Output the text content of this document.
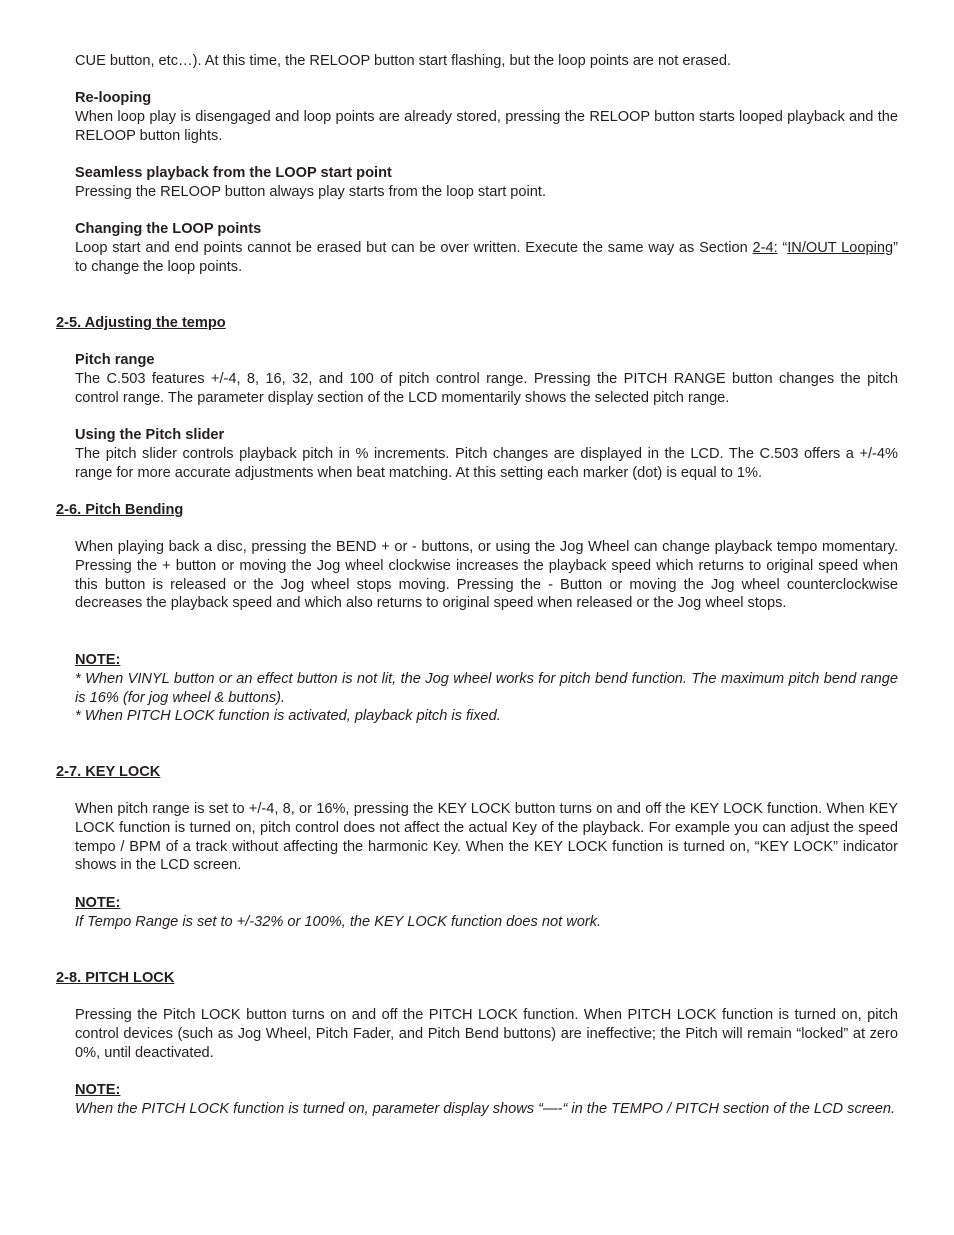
CUE button, etc…). At this time, the RELOOP button start flashing, but the loop points are not erased.

Re-looping

When loop play is disengaged and loop points are already stored, pressing the RELOOP button starts looped playback and the RELOOP button lights.

Seamless playback from the LOOP start point

Pressing the RELOOP button always play starts from the loop start point.

Changing the LOOP points

Loop start and end points cannot be erased but can be over written. Execute the same way as Section 2-4: “IN/OUT Looping” to change the loop points.

2-5. Adjusting the tempo
Pitch range

The C.503 features +/-4, 8, 16, 32, and 100 of pitch control range. Pressing the PITCH RANGE button changes the pitch control range. The parameter display section of the LCD momentarily shows the selected pitch range.

Using the Pitch slider

The pitch slider controls playback pitch in % increments. Pitch changes are displayed in the LCD. The C.503 offers a +/-4% range for more accurate adjustments when beat matching. At this setting each marker (dot) is equal to 1%.

2-6. Pitch Bending

When playing back a disc, pressing the BEND + or - buttons, or using the Jog Wheel can change playback tempo momentary. Pressing the + button or moving the Jog wheel clockwise increases the playback speed which returns to original speed when this button is released or the Jog wheel stops moving. Pressing the - Button or moving the Jog wheel counterclockwise decreases the playback speed and which also returns to original speed when released or the Jog wheel stops.

NOTE:

* When VINYL button or an effect button is not lit, the Jog wheel works for pitch bend function. The maximum pitch bend range is 16% (for jog wheel & buttons).

* When PITCH LOCK function is activated, playback pitch is fixed.

2-7. KEY LOCK

When pitch range is set to +/-4, 8, or 16%, pressing the KEY LOCK button turns on and off the KEY LOCK function. When KEY LOCK function is turned on, pitch control does not affect the actual Key of the playback. For example you can adjust the speed tempo / BPM of a track without affecting the harmonic Key. When the KEY LOCK function is turned on, “KEY LOCK” indicator shows in the LCD screen.

NOTE:

If Tempo Range is set to +/-32% or 100%, the KEY LOCK function does not work.

2-8. PITCH LOCK

Pressing the Pitch LOCK button turns on and off the PITCH LOCK function. When PITCH LOCK function is turned on, pitch control devices (such as Jog Wheel, Pitch Fader, and Pitch Bend buttons) are ineffective; the Pitch will remain “locked” at zero 0%, until deactivated.

NOTE:

When the PITCH LOCK function is turned on, parameter display shows “—-“ in the TEMPO / PITCH section of the LCD screen.
